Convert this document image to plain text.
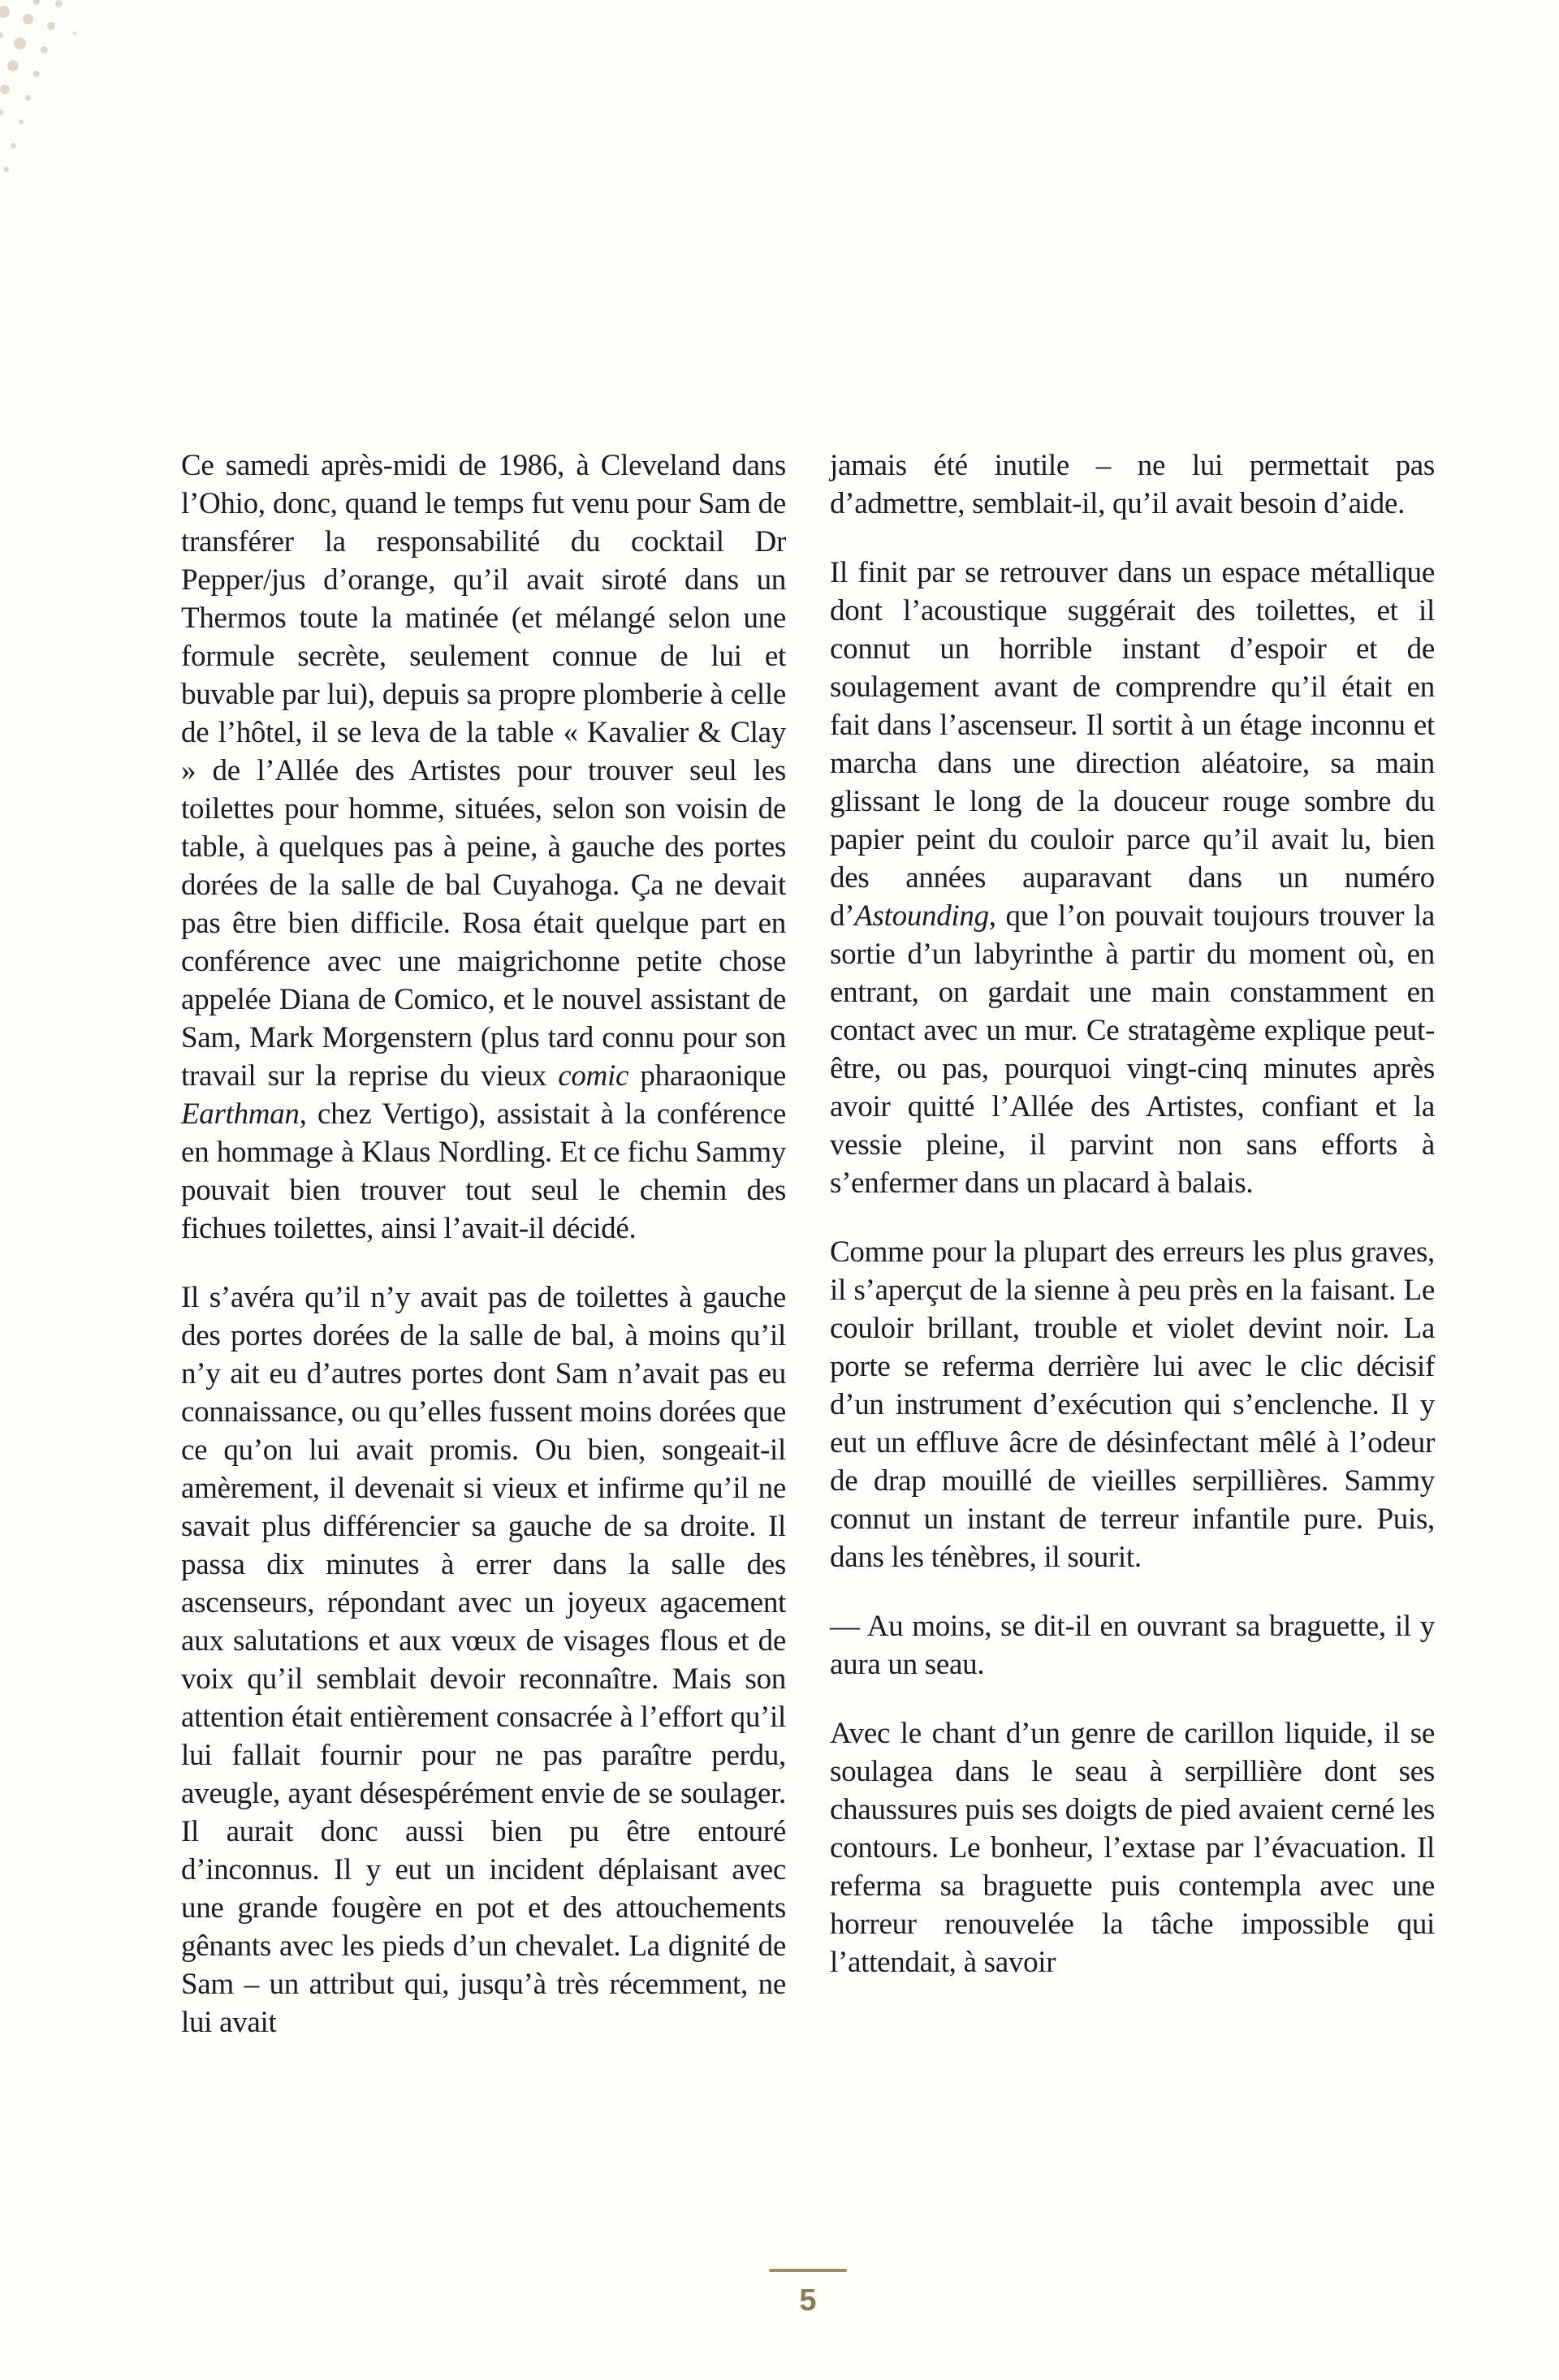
Ce samedi après-midi de 1986, à Cleveland dans l’Ohio, donc, quand le temps fut venu pour Sam de transférer la responsabilité du cocktail Dr Pepper/jus d’orange, qu’il avait siroté dans un Thermos toute la matinée (et mélangé selon une formule secrète, seulement connue de lui et buvable par lui), depuis sa propre plomberie à celle de l’hôtel, il se leva de la table « Kavalier & Clay » de l’Allée des Artistes pour trouver seul les toilettes pour homme, situées, selon son voisin de table, à quelques pas à peine, à gauche des portes dorées de la salle de bal Cuyahoga. Ça ne devait pas être bien difficile. Rosa était quelque part en conférence avec une maigrichonne petite chose appelée Diana de Comico, et le nouvel assistant de Sam, Mark Morgenstern (plus tard connu pour son travail sur la reprise du vieux comic pharaonique Earthman, chez Vertigo), assistait à la conférence en hommage à Klaus Nordling. Et ce fichu Sammy pouvait bien trouver tout seul le chemin des fichues toilettes, ainsi l’avait-il décidé.

Il s’avéra qu’il n’y avait pas de toilettes à gauche des portes dorées de la salle de bal, à moins qu’il n’y ait eu d’autres portes dont Sam n’avait pas eu connaissance, ou qu’elles fussent moins dorées que ce qu’on lui avait promis. Ou bien, songeait-il amèrement, il devenait si vieux et infirme qu’il ne savait plus différencier sa gauche de sa droite. Il passa dix minutes à errer dans la salle des ascenseurs, répondant avec un joyeux agacement aux salutations et aux vœux de visages flous et de voix qu’il semblait devoir reconnaître. Mais son attention était entièrement consacrée à l’effort qu’il lui fallait fournir pour ne pas paraître perdu, aveugle, ayant désespérément envie de se soulager. Il aurait donc aussi bien pu être entouré d’inconnus. Il y eut un incident déplaisant avec une grande fougère en pot et des attouchements gênants avec les pieds d’un chevalet. La dignité de Sam – un attribut qui, jusqu’à très récemment, ne lui avait

jamais été inutile – ne lui permettait pas d’admettre, semblait-il, qu’il avait besoin d’aide.

Il finit par se retrouver dans un espace métallique dont l’acoustique suggérait des toilettes, et il connut un horrible instant d’espoir et de soulagement avant de comprendre qu’il était en fait dans l’ascenseur. Il sortit à un étage inconnu et marcha dans une direction aléatoire, sa main glissant le long de la douceur rouge sombre du papier peint du couloir parce qu’il avait lu, bien des années auparavant dans un numéro d’Astounding, que l’on pouvait toujours trouver la sortie d’un labyrinthe à partir du moment où, en entrant, on gardait une main constamment en contact avec un mur. Ce stratagème explique peut-être, ou pas, pourquoi vingt-cinq minutes après avoir quitté l’Allée des Artistes, confiant et la vessie pleine, il parvint non sans efforts à s’enfermer dans un placard à balais.

Comme pour la plupart des erreurs les plus graves, il s’aperçut de la sienne à peu près en la faisant. Le couloir brillant, trouble et violet devint noir. La porte se referma derrière lui avec le clic décisif d’un instrument d’exécution qui s’enclenche. Il y eut un effluve âcre de désinfectant mêlé à l’odeur de drap mouillé de vieilles serpillières. Sammy connut un instant de terreur infantile pure. Puis, dans les ténèbres, il sourit.

— Au moins, se dit-il en ouvrant sa braguette, il y aura un seau.

Avec le chant d’un genre de carillon liquide, il se soulagea dans le seau à serpillière dont ses chaussures puis ses doigts de pied avaient cerné les contours. Le bonheur, l’extase par l’évacuation. Il referma sa braguette puis contempla avec une horreur renouvelée la tâche impossible qui l’attendait, à savoir

5
